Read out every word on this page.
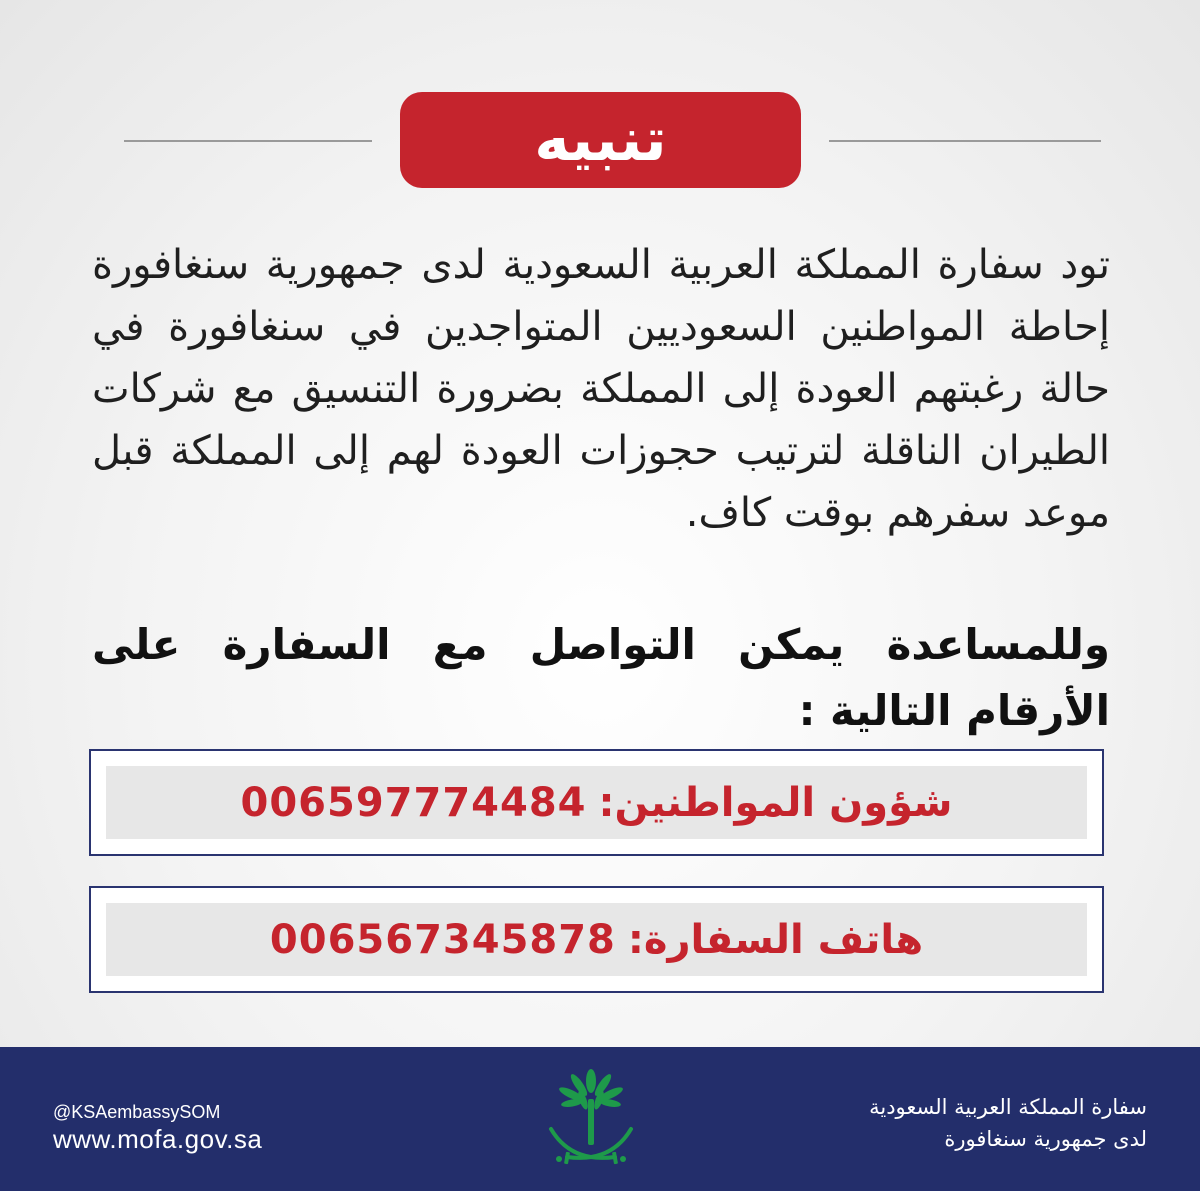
تنبيه

تود سفارة المملكة العربية السعودية لدى جمهورية سنغافورة إحاطة المواطنين السعوديين المتواجدين في سنغافورة في حالة رغبتهم العودة إلى المملكة بضرورة التنسيق مع شركات الطيران الناقلة لترتيب حجوزات العودة لهم إلى المملكة قبل موعد سفرهم بوقت كاف.

وللمساعدة يمكن التواصل مع السفارة على الأرقام التالية :

شؤون المواطنين:
006597774484
هاتف السفارة:
006567345878
@KSAembassySOM
www.mofa.gov.sa
سفارة المملكة العربية السعودية
لدى جمهورية سنغافورة
